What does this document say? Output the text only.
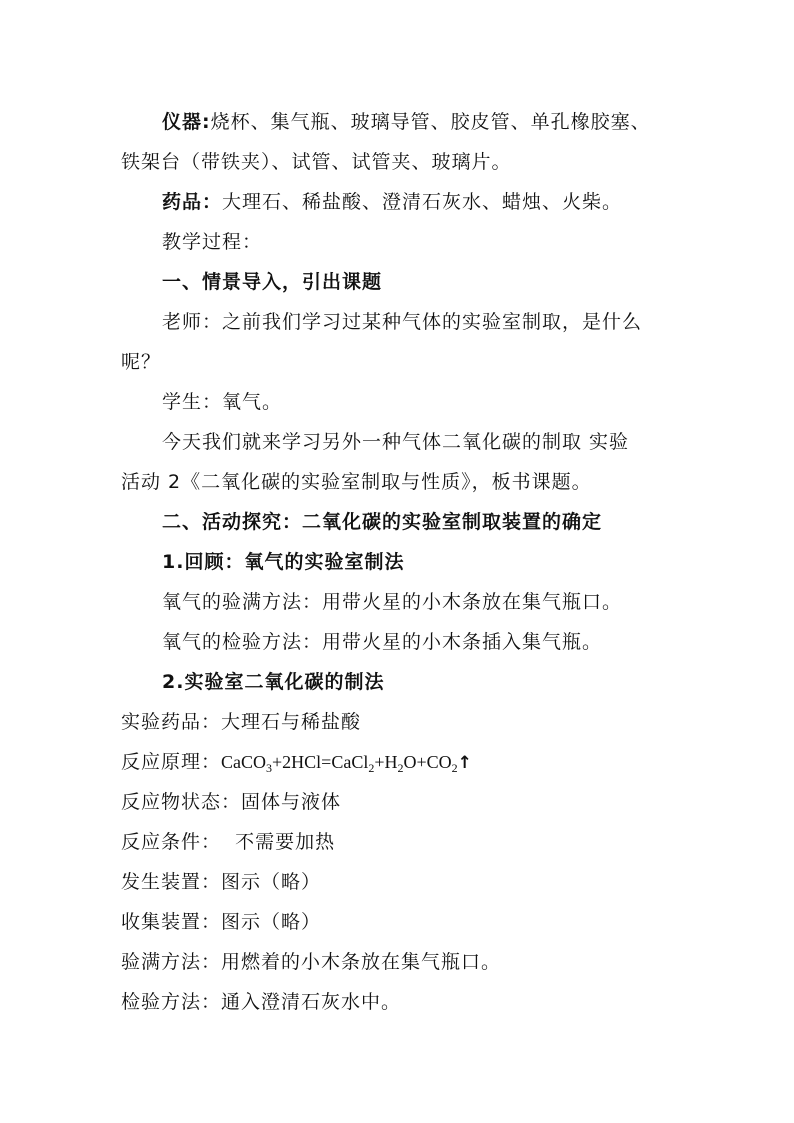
仪器:烧杯、集气瓶、玻璃导管、胶皮管、单孔橡胶塞、
铁架台（带铁夹）、试管、试管夹、玻璃片。
药品：大理石、稀盐酸、澄清石灰水、蜡烛、火柴。
教学过程：
一、情景导入，引出课题
老师：之前我们学习过某种气体的实验室制取，是什么
呢？
学生：氧气。
今天我们就来学习另外一种气体二氧化碳的制取 实验
活动 2《二氧化碳的实验室制取与性质》，板书课题。
二、活动探究：二氧化碳的实验室制取装置的确定
1.回顾：氧气的实验室制法
氧气的验满方法：用带火星的小木条放在集气瓶口。
氧气的检验方法：用带火星的小木条插入集气瓶。
2.实验室二氧化碳的制法
实验药品：大理石与稀盐酸
反应原理：$CaCO_3+2HCl=CaCl_2+H_2O+CO_2↑$
反应物状态：固体与液体
反应条件：  不需要加热
发生装置：图示（略）
收集装置：图示（略）
验满方法：用燃着的小木条放在集气瓶口。
检验方法：通入澄清石灰水中。
